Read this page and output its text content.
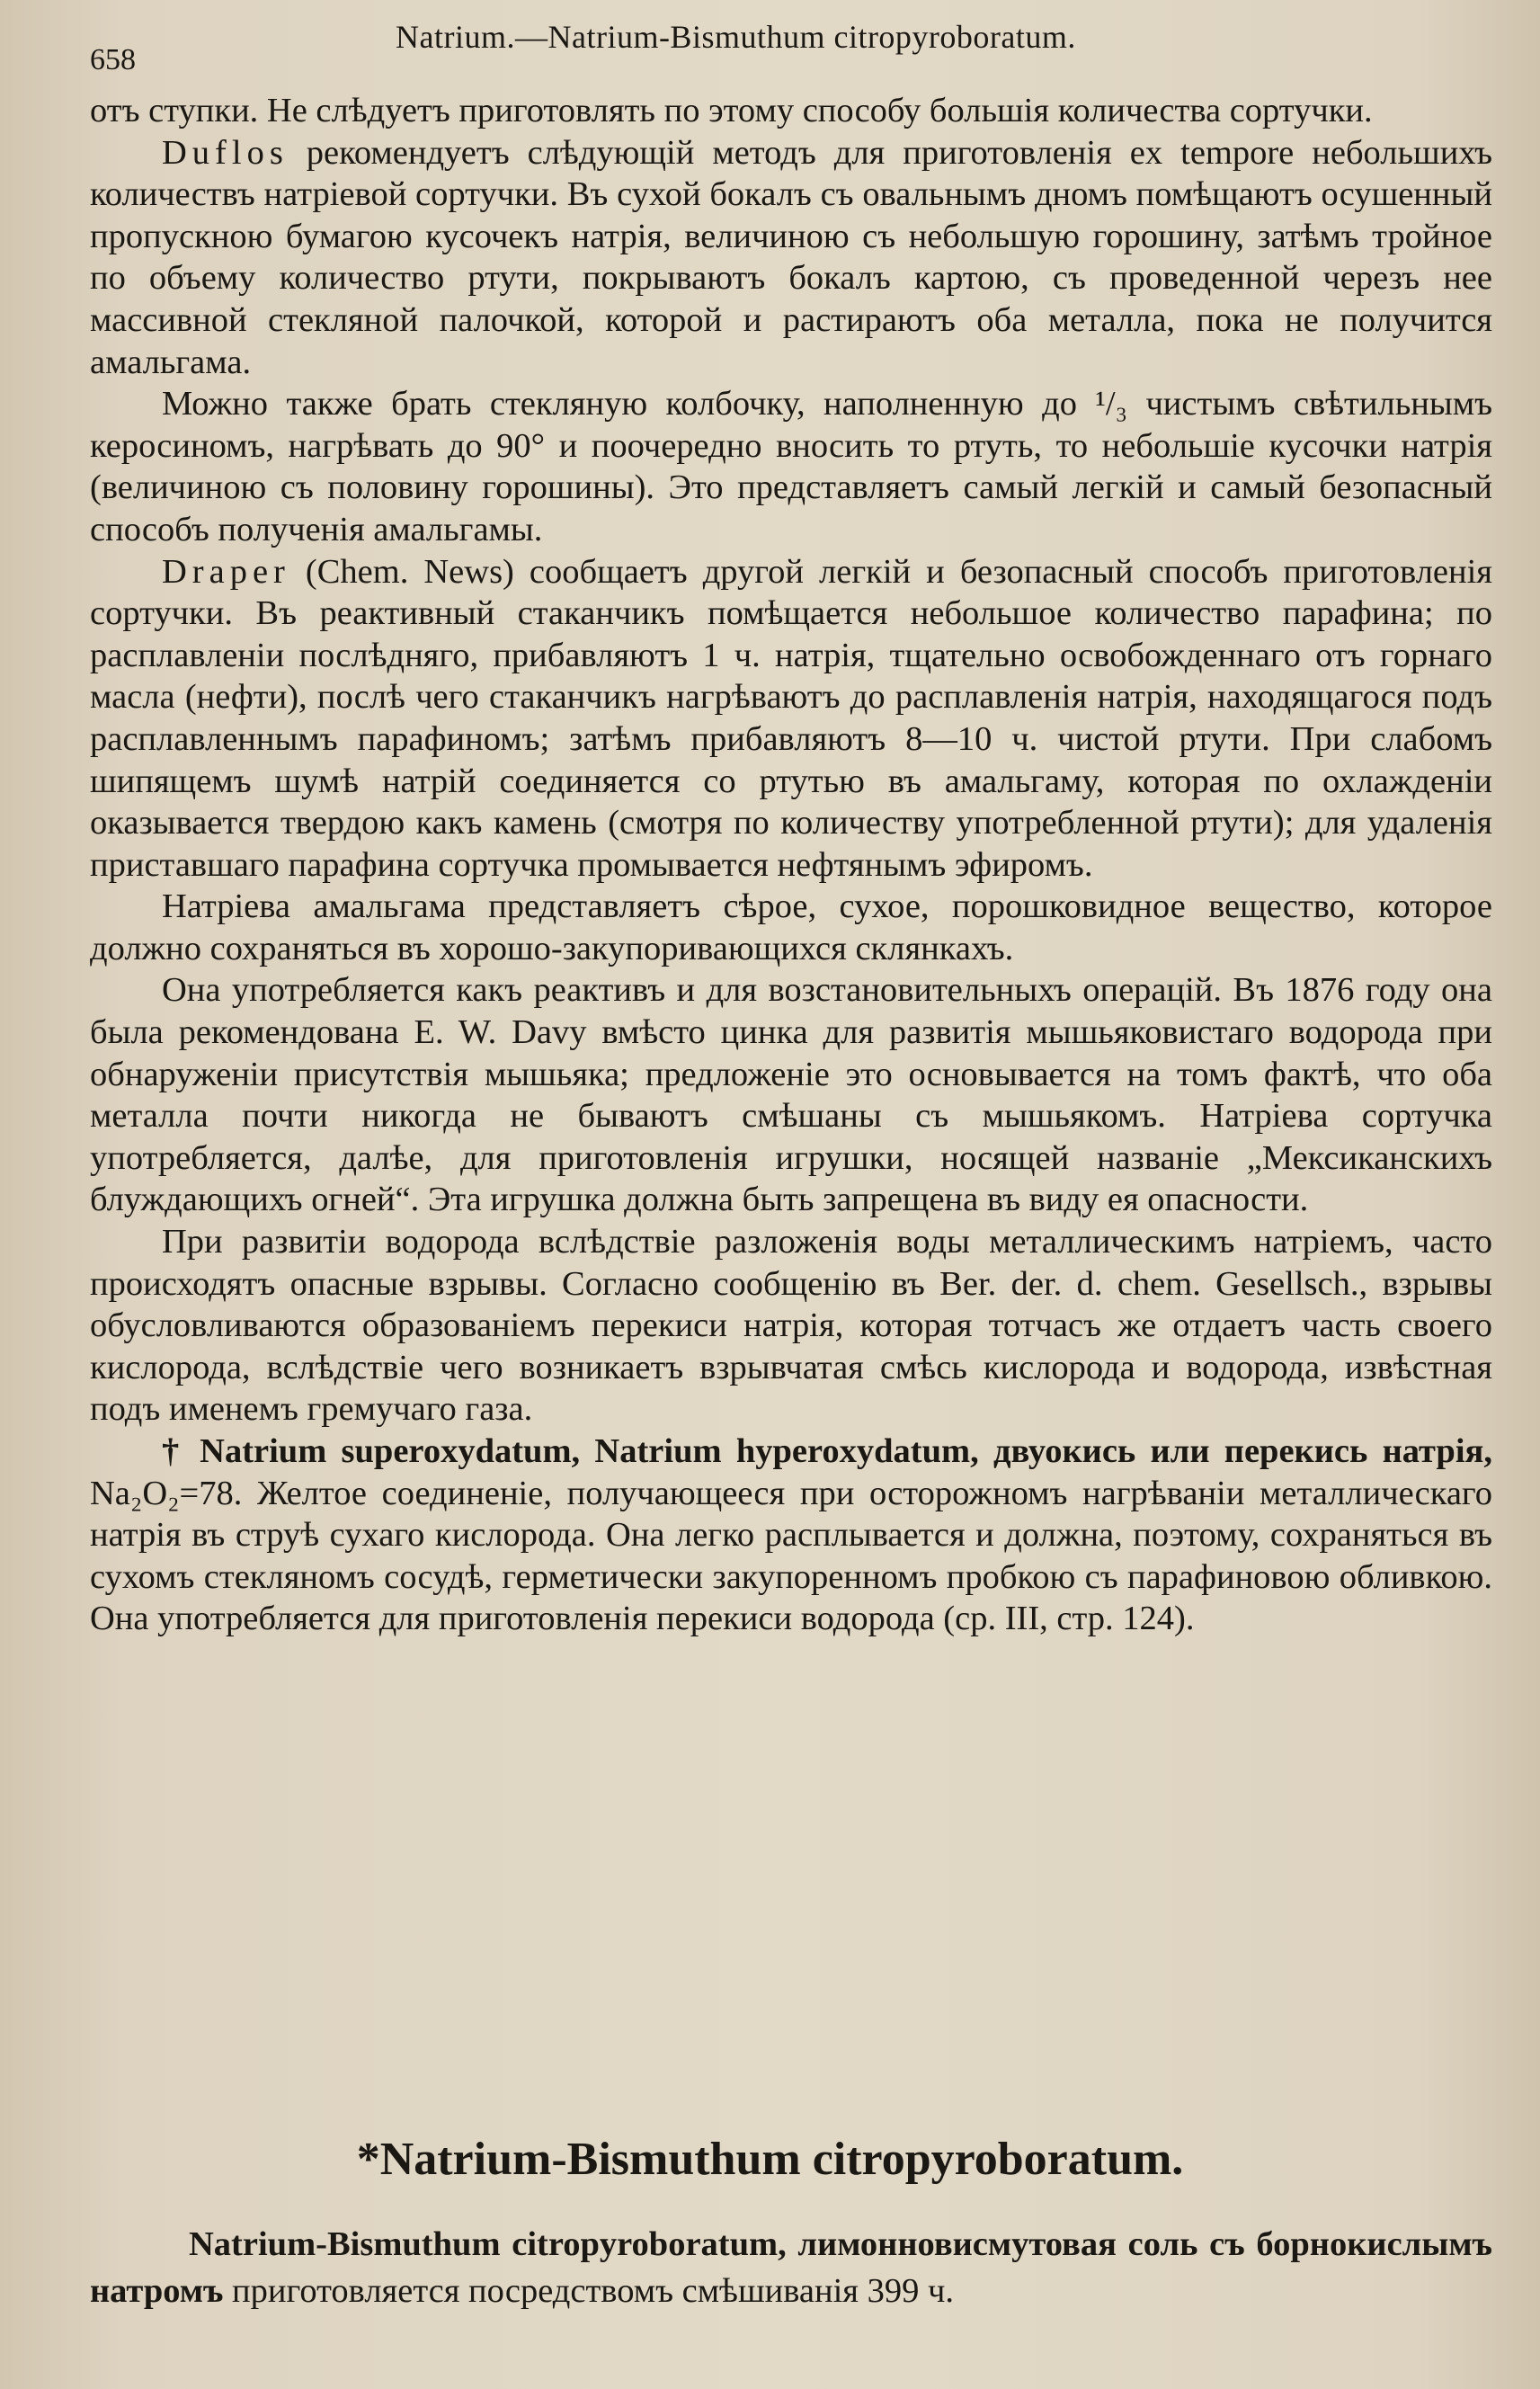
658
Natrium.—Natrium-Bismuthum citropyroboratum.

отъ ступки. Не слѣдуетъ приготовлять по этому способу большія количества сортучки.

Duflos рекомендуетъ слѣдующій методъ для приготовленія ex tempore небольшихъ количествъ натріевой сортучки. Въ сухой бокалъ съ овальнымъ дномъ помѣщаютъ осушенный пропускною бумагою кусочекъ натрія, величиною съ небольшую горошину, затѣмъ тройное по объему количество ртути, покрываютъ бокалъ картою, съ проведенной черезъ нее массивной стекляной палочкой, которой и растираютъ оба металла, пока не получится амальгама.

Можно также брать стекляную колбочку, наполненную до ¹/₃ чистымъ свѣтильнымъ керосиномъ, нагрѣвать до 90° и поочередно вносить то ртуть, то небольшіе кусочки натрія (величиною съ половину горошины). Это представляетъ самый легкій и самый безопасный способъ полученія амальгамы.

Draper (Chem. News) сообщаетъ другой легкій и безопасный способъ приготовленія сортучки. Въ реактивный стаканчикъ помѣщается небольшое количество парафина; по расплавленіи послѣдняго, прибавляютъ 1 ч. натрія, тщательно освобожденнаго отъ горнаго масла (нефти), послѣ чего стаканчикъ нагрѣваютъ до расплавленія натрія, находящагося подъ расплавленнымъ парафиномъ; затѣмъ прибавляютъ 8—10 ч. чистой ртути. При слабомъ шипящемъ шумѣ натрій соединяется со ртутью въ амальгаму, которая по охлажденіи оказывается твердою какъ камень (смотря по количеству употребленной ртути); для удаленія приставшаго парафина сортучка промывается нефтянымъ эфиромъ.

Натріева амальгама представляетъ сѣрое, сухое, порошковидное вещество, которое должно сохраняться въ хорошо-закупоривающихся склянкахъ.

Она употребляется какъ реактивъ и для возстановительныхъ операцій. Въ 1876 году она была рекомендована E. W. Davy вмѣсто цинка для развитія мышьяковистаго водорода при обнаруженіи присутствія мышьяка; предложеніе это основывается на томъ фактѣ, что оба металла почти никогда не бываютъ смѣшаны съ мышьякомъ. Натріева сортучка употребляется, далѣе, для приготовленія игрушки, носящей названіе „Мексиканскихъ блуждающихъ огней“. Эта игрушка должна быть запрещена въ виду ея опасности.

При развитіи водорода вслѣдствіе разложенія воды металлическимъ натріемъ, часто происходятъ опасные взрывы. Согласно сообщенію въ Ber. der. d. chem. Gesellsch., взрывы обусловливаются образованіемъ перекиси натрія, которая тотчасъ же отдаетъ часть своего кислорода, вслѣдствіе чего возникаетъ взрывчатая смѣсь кислорода и водорода, извѣстная подъ именемъ гремучаго газа.

† Natrium superoxydatum, Natrium hyperoxydatum, двуокись или перекись натрія, Na₂O₂=78. Желтое соединеніе, получающееся при осторожномъ нагрѣваніи металлическаго натрія въ струѣ сухаго кислорода. Она легко расплывается и должна, поэтому, сохраняться въ сухомъ стекляномъ сосудѣ, герметически закупоренномъ пробкою съ парафиновою обливкою. Она употребляется для приготовленія перекиси водорода (ср. III, стр. 124).

*Natrium-Bismuthum citropyroboratum.
Natrium-Bismuthum citropyroboratum, лимонновисмутовая соль съ борнокислымъ натромъ приготовляется посредствомъ смѣшиванія 399 ч.
